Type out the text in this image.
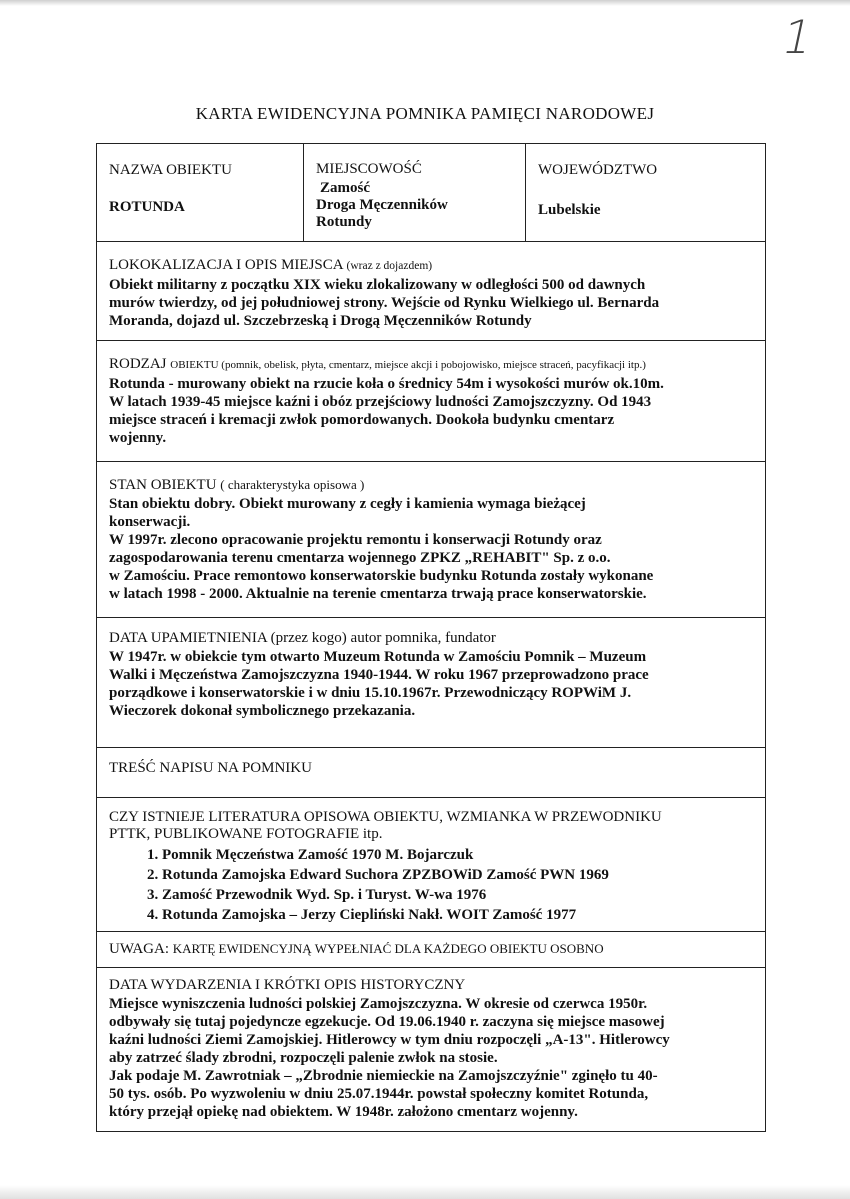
1
KARTA EWIDENCYJNA POMNIKA PAMIĘCI NARODOWEJ
NAZWA OBIEKTU
ROTUNDA
MIEJSCOWOŚĆ
Zamość
Droga Męczenników
Rotundy
WOJEWÓDZTWO
Lubelskie
LOKOKALIZACJA I OPIS MIEJSCA (wraz z dojazdem)
Obiekt militarny z początku XIX wieku zlokalizowany w odległości 500 od dawnych
murów twierdzy, od jej południowej strony. Wejście od Rynku Wielkiego ul. Bernarda
Moranda, dojazd ul. Szczebrzeską i Drogą Męczenników Rotundy
RODZAJ OBIEKTU (pomnik, obelisk, płyta, cmentarz, miejsce akcji i pobojowisko, miejsce straceń, pacyfikacji itp.)
Rotunda - murowany obiekt na rzucie koła o średnicy 54m i wysokości murów ok.10m.
W latach 1939-45 miejsce kaźni i obóz przejściowy ludności Zamojszczyzny. Od 1943
miejsce straceń i kremacji zwłok pomordowanych. Dookoła budynku cmentarz
wojenny.
STAN OBIEKTU ( charakterystyka opisowa )
Stan obiektu dobry. Obiekt murowany z cegły i kamienia wymaga bieżącej
konserwacji.
W 1997r. zlecono opracowanie projektu remontu i konserwacji Rotundy oraz
zagospodarowania terenu cmentarza wojennego ZPKZ „REHABIT" Sp. z o.o.
w Zamościu. Prace remontowo konserwatorskie budynku Rotunda zostały wykonane
w latach 1998 - 2000. Aktualnie na terenie cmentarza trwają prace konserwatorskie.
DATA UPAMIETNIENIA (przez kogo) autor pomnika, fundator
W 1947r. w obiekcie tym otwarto Muzeum Rotunda w Zamościu Pomnik – Muzeum
Walki i Męczeństwa Zamojszczyzna 1940-1944. W roku 1967 przeprowadzono prace
porządkowe i konserwatorskie i w dniu 15.10.1967r. Przewodniczący ROPWiM J.
Wieczorek dokonał symbolicznego przekazania.
TREŚĆ NAPISU NA POMNIKU
CZY ISTNIEJE LITERATURA OPISOWA OBIEKTU, WZMIANKA W PRZEWODNIKU
PTTK, PUBLIKOWANE FOTOGRAFIE itp.
1. Pomnik Męczeństwa Zamość 1970 M. Bojarczuk
2. Rotunda Zamojska Edward Suchora ZPZBOWiD Zamość PWN 1969
3. Zamość Przewodnik Wyd. Sp. i Turyst. W-wa 1976
4. Rotunda Zamojska – Jerzy Ciepliński Nakł. WOIT Zamość 1977
UWAGA: KARTĘ EWIDENCYJNĄ WYPEŁNIAĆ DLA KAŻDEGO OBIEKTU OSOBNO
DATA WYDARZENIA I KRÓTKI OPIS HISTORYCZNY
Miejsce wyniszczenia ludności polskiej Zamojszczyzna. W okresie od czerwca 1950r.
odbywały się tutaj pojedyncze egzekucje. Od 19.06.1940 r. zaczyna się miejsce masowej
kaźni ludności Ziemi Zamojskiej. Hitlerowcy w tym dniu rozpoczęli „A-13". Hitlerowcy
aby zatrzeć ślady zbrodni, rozpoczęli palenie zwłok na stosie.
Jak podaje M. Zawrotniak – „Zbrodnie niemieckie na Zamojszczyźnie" zginęło tu 40-
50 tys. osób. Po wyzwoleniu w dniu 25.07.1944r. powstał społeczny komitet Rotunda,
który przejął opiekę nad obiektem. W 1948r. założono cmentarz wojenny.
